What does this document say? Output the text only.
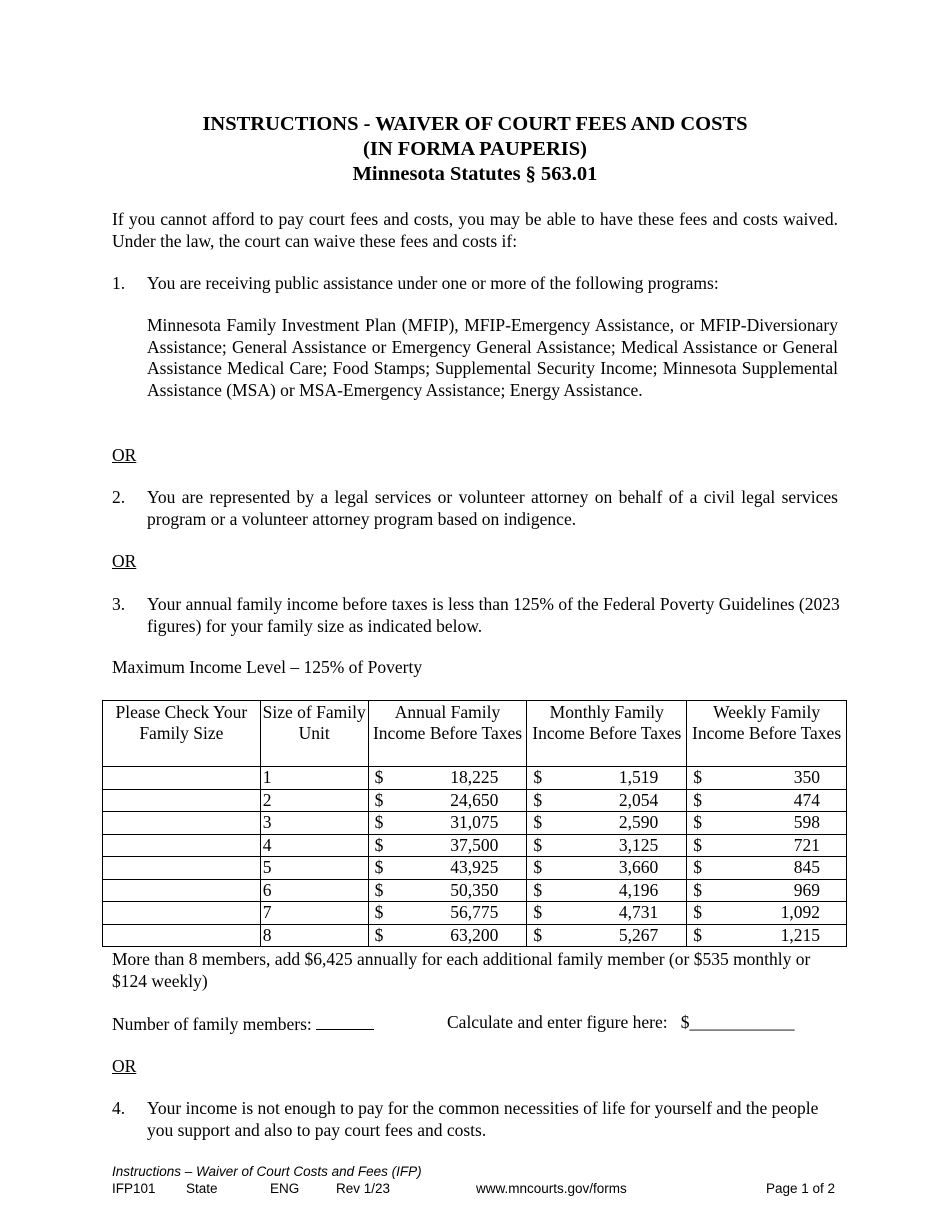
INSTRUCTIONS - WAIVER OF COURT FEES AND COSTS
(IN FORMA PAUPERIS)
Minnesota Statutes § 563.01
If you cannot afford to pay court fees and costs, you may be able to have these fees and costs waived. Under the law, the court can waive these fees and costs if:
1. You are receiving public assistance under one or more of the following programs:
Minnesota Family Investment Plan (MFIP), MFIP-Emergency Assistance, or MFIP-Diversionary Assistance; General Assistance or Emergency General Assistance; Medical Assistance or General Assistance Medical Care; Food Stamps; Supplemental Security Income; Minnesota Supplemental Assistance (MSA) or MSA-Emergency Assistance; Energy Assistance.
OR
2. You are represented by a legal services or volunteer attorney on behalf of a civil legal services program or a volunteer attorney program based on indigence.
OR
3. Your annual family income before taxes is less than 125% of the Federal Poverty Guidelines (2023 figures) for your family size as indicated below.
Maximum Income Level – 125% of Poverty
Please Check Your Family Size	Size of Family Unit	Annual Family Income Before Taxes	Monthly Family Income Before Taxes	Weekly Family Income Before Taxes
	1	$ 18,225	$ 1,519	$ 350

	2	$ 24,650	$ 2,054	$ 474

	3	$ 31,075	$ 2,590	$ 598

	4	$ 37,500	$ 3,125	$ 721

	5	$ 43,925	$ 3,660	$ 845

	6	$ 50,350	$ 4,196	$ 969

	7	$ 56,775	$ 4,731	$ 1,092

	8	$ 63,200	$ 5,267	$ 1,215
More than 8 members, add $6,425 annually for each additional family member (or $535 monthly or $124 weekly)
Number of family members:	Calculate and enter figure here: $____________
OR
4. Your income is not enough to pay for the common necessities of life for yourself and the people you support and also to pay court fees and costs.
Instructions – Waiver of Court Costs and Fees (IFP)
IFP101 State	ENG	Rev 1/23	www.mncourts.gov/forms	Page 1 of 2
